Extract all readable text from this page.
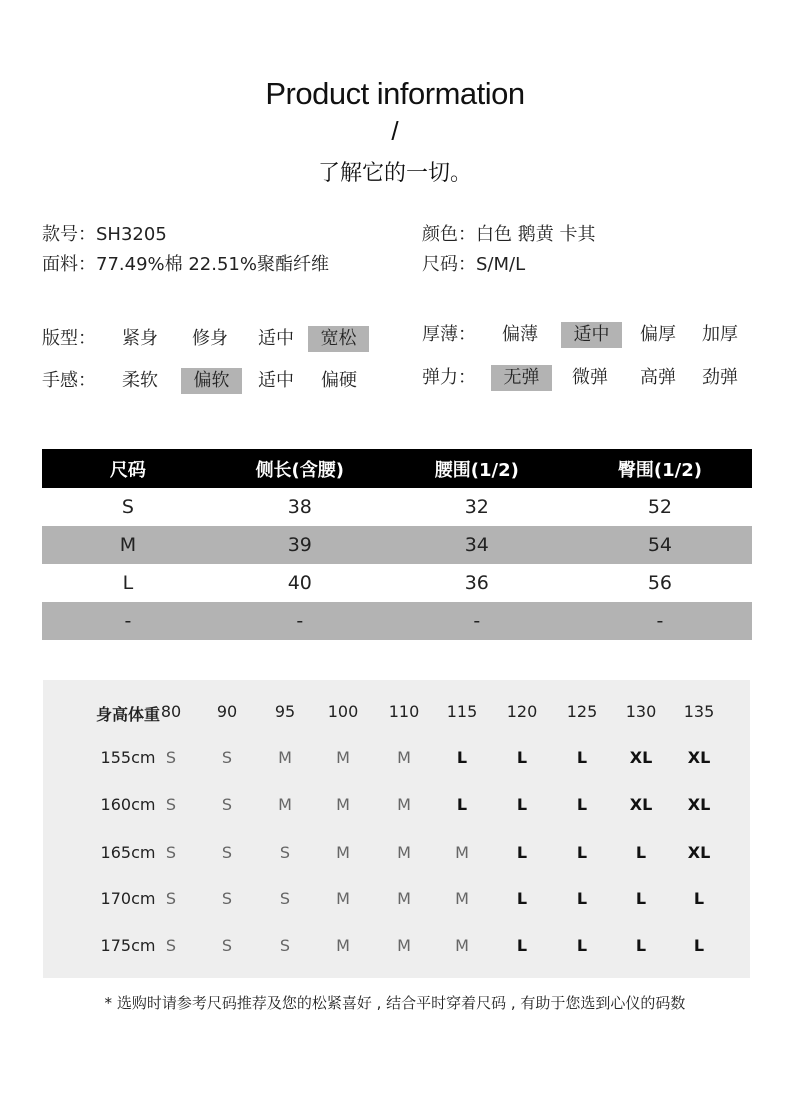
Product information
/
了解它的一切。
款号：SH3205
面料：77.49%棉 22.51%聚酯纤维
颜色：白色 鹅黄 卡其
尺码：S/M/L
版型： 紧身 修身 适中	宽松
手感： 柔软	偏软	适中 偏硬
厚薄： 偏薄	适中	偏厚 加厚
弹力：	无弹	微弹 高弹 劲弹
尺码	侧长(含腰)	腰围(1/2)	臀围(1/2)
S	38	32	52
M	39	34	54
L	40	36	56
-	-	-	-
身高体重 80 90 95 100 110 115 120 125 130 135
155cm S	S	M	M	M	L	L	L	XL XL
160cm S	S	M	M	M	L	L	L	XL XL
165cm S	S	S	M	M	M	L	L	L	XL
170cm S	S	S	M	M	M	L	L	L	L
175cm S	S	S	M	M	M	L	L	L	L
* 选购时请参考尺码推荐及您的松紧喜好 , 结合平时穿着尺码 , 有助于您选到心仪的码数
